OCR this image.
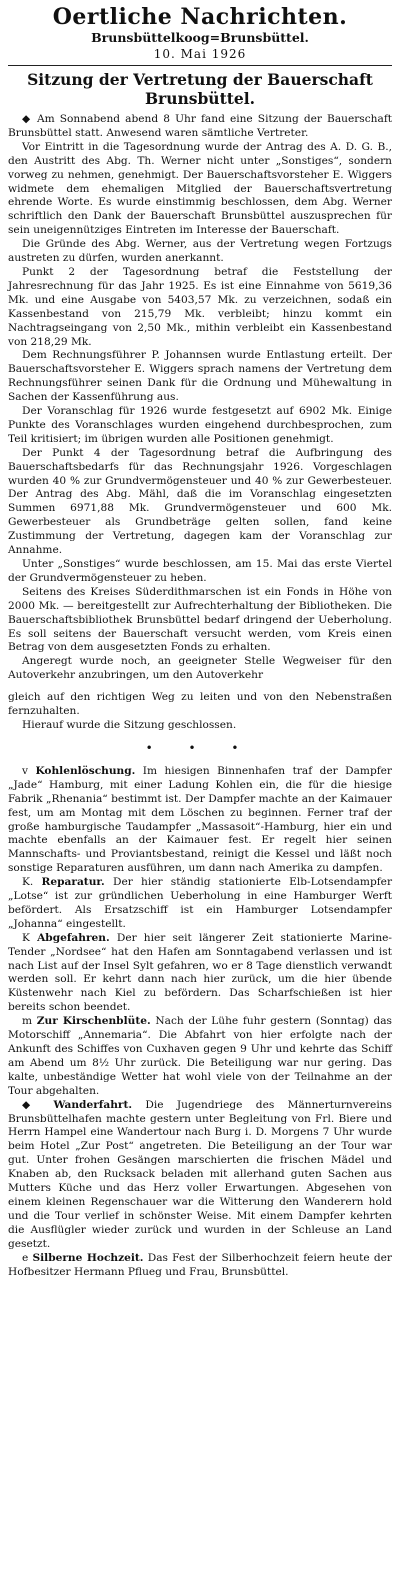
Oertliche Nachrichten.
Brunsbüttelkoog=Brunsbüttel.
10. Mai 1926
Sitzung der Vertretung der Bauerschaft Brunsbüttel.

◆ Am Sonnabend abend 8 Uhr fand eine Sitzung der Bauerschaft Brunsbüttel statt. Anwesend waren sämtliche Vertreter.

Vor Eintritt in die Tagesordnung wurde der Antrag des A. D. G. B., den Austritt des Abg. Th. Werner nicht unter „Sonstiges“, sondern vorweg zu nehmen, genehmigt. Der Bauerschaftsvorsteher E. Wiggers widmete dem ehemaligen Mitglied der Bauerschaftsvertretung ehrende Worte. Es wurde einstimmig beschlossen, dem Abg. Werner schriftlich den Dank der Bauerschaft Brunsbüttel auszusprechen für sein uneigennütziges Eintreten im Interesse der Bauerschaft.

Die Gründe des Abg. Werner, aus der Vertretung wegen Fortzugs austreten zu dürfen, wurden anerkannt.

Punkt 2 der Tagesordnung betraf die Feststellung der Jahresrechnung für das Jahr 1925. Es ist eine Einnahme von 5619,36 Mk. und eine Ausgabe von 5403,57 Mk. zu verzeichnen, sodaß ein Kassenbestand von 215,79 Mk. verbleibt; hinzu kommt ein Nachtragseingang von 2,50 Mk., mithin verbleibt ein Kassenbestand von 218,29 Mk.

Dem Rechnungsführer P. Johannsen wurde Entlastung erteilt. Der Bauerschaftsvorsteher E. Wiggers sprach namens der Vertretung dem Rechnungsführer seinen Dank für die Ordnung und Mühewaltung in Sachen der Kassenführung aus.

Der Voranschlag für 1926 wurde festgesetzt auf 6902 Mk. Einige Punkte des Voranschlages wurden eingehend durchbesprochen, zum Teil kritisiert; im übrigen wurden alle Positionen genehmigt.

Der Punkt 4 der Tagesordnung betraf die Aufbringung des Bauerschaftsbedarfs für das Rechnungsjahr 1926. Vorgeschlagen wurden 40 % zur Grundvermögensteuer und 40 % zur Gewerbesteuer. Der Antrag des Abg. Mähl, daß die im Voranschlag eingesetzten Summen 6971,88 Mk. Grundvermögensteuer und 600 Mk. Gewerbesteuer als Grundbeträge gelten sollen, fand keine Zustimmung der Vertretung, dagegen kam der Voranschlag zur Annahme.

Unter „Sonstiges“ wurde beschlossen, am 15. Mai das erste Viertel der Grundvermögensteuer zu heben.

Seitens des Kreises Süderdithmarschen ist ein Fonds in Höhe von 2000 Mk. — bereitgestellt zur Aufrechterhaltung der Bibliotheken. Die Bauerschaftsbibliothek Brunsbüttel bedarf dringend der Ueberholung. Es soll seitens der Bauerschaft versucht werden, vom Kreis einen Betrag von dem ausgesetzten Fonds zu erhalten.

Angeregt wurde noch, an geeigneter Stelle Wegweiser für den Autoverkehr anzubringen, um den Autoverkehr

gleich auf den richtigen Weg zu leiten und von den Nebenstraßen fernzuhalten.

Hierauf wurde die Sitzung geschlossen.

• • •

v Kohlenlöschung. Im hiesigen Binnenhafen traf der Dampfer „Jade“ Hamburg, mit einer Ladung Kohlen ein, die für die hiesige Fabrik „Rhenania“ bestimmt ist. Der Dampfer machte an der Kaimauer fest, um am Montag mit dem Löschen zu beginnen. Ferner traf der große hamburgische Taudampfer „Massasoit“-Hamburg, hier ein und machte ebenfalls an der Kaimauer fest. Er regelt hier seinen Mannschafts- und Proviantsbestand, reinigt die Kessel und läßt noch sonstige Reparaturen ausführen, um dann nach Amerika zu dampfen.

K. Reparatur. Der hier ständig stationierte Elb-Lotsendampfer „Lotse“ ist zur gründlichen Ueberholung in eine Hamburger Werft befördert. Als Ersatzschiff ist ein Hamburger Lotsendampfer „Johanna“ eingestellt.

K Abgefahren. Der hier seit längerer Zeit stationierte Marine-Tender „Nordsee“ hat den Hafen am Sonntagabend verlassen und ist nach List auf der Insel Sylt gefahren, wo er 8 Tage dienstlich verwandt werden soll. Er kehrt dann nach hier zurück, um die hier übende Küstenwehr nach Kiel zu befördern. Das Scharfschießen ist hier bereits schon beendet.

m Zur Kirschenblüte. Nach der Lühe fuhr gestern (Sonntag) das Motorschiff „Annemaria“. Die Abfahrt von hier erfolgte nach der Ankunft des Schiffes von Cuxhaven gegen 9 Uhr und kehrte das Schiff am Abend um 8½ Uhr zurück. Die Beteiligung war nur gering. Das kalte, unbeständige Wetter hat wohl viele von der Teilnahme an der Tour abgehalten.

◆ Wanderfahrt. Die Jugendriege des Männerturnvereins Brunsbüttelhafen machte gestern unter Begleitung von Frl. Biere und Herrn Hampel eine Wandertour nach Burg i. D. Morgens 7 Uhr wurde beim Hotel „Zur Post“ angetreten. Die Beteiligung an der Tour war gut. Unter frohen Gesängen marschierten die frischen Mädel und Knaben ab, den Rucksack beladen mit allerhand guten Sachen aus Mutters Küche und das Herz voller Erwartungen. Abgesehen von einem kleinen Regenschauer war die Witterung den Wanderern hold und die Tour verlief in schönster Weise. Mit einem Dampfer kehrten die Ausflügler wieder zurück und wurden in der Schleuse an Land gesetzt.

e Silberne Hochzeit. Das Fest der Silberhochzeit feiern heute der Hofbesitzer Hermann Pflueg und Frau, Brunsbüttel.
